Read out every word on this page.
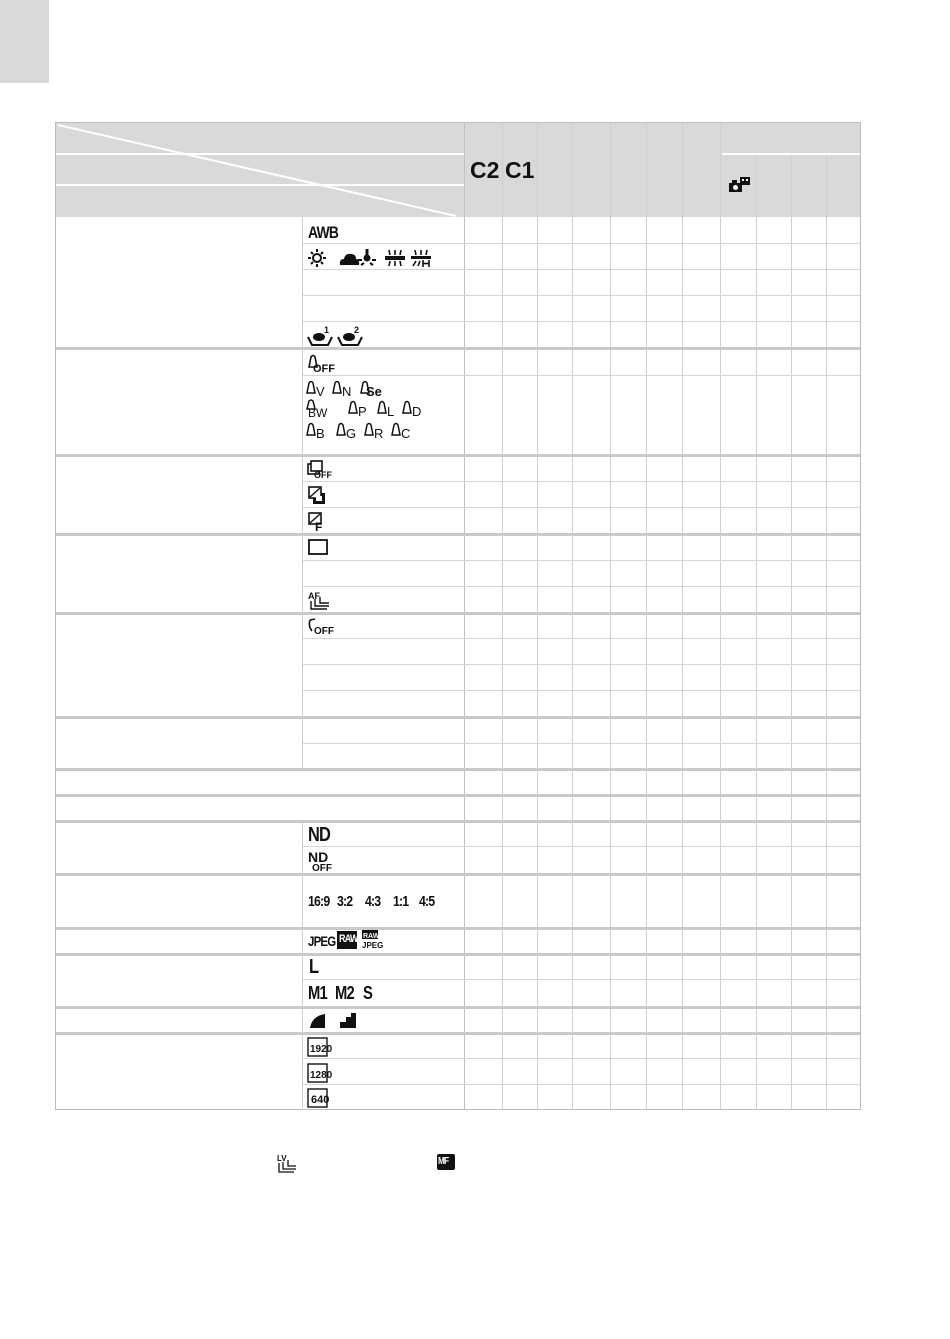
C2 C1
AWB
1	2
OFF
V N Se
BW P L D
B G R C
OFF
F
AF
OFF
ND
ND
OFF
16:9 3:2 4:3 1:1 4:5
JPEG RAW RAW+
JPEG
L
M1 M2 S
1920
1280
640
LV	MF
